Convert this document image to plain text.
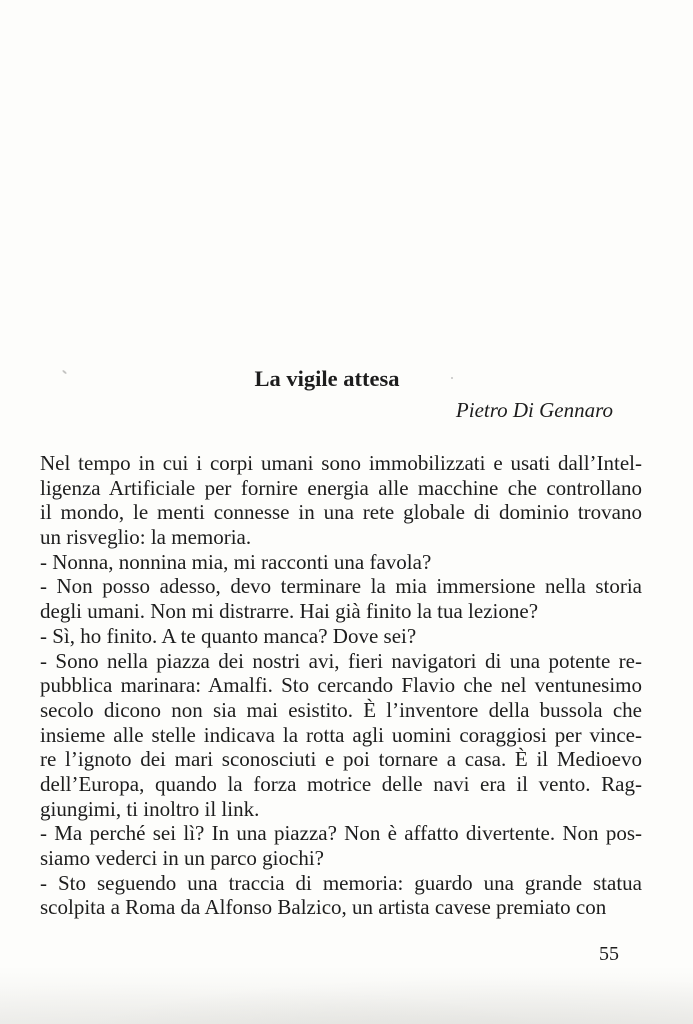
La vigile attesa
Pietro Di Gennaro
Nel tempo in cui i corpi umani sono immobilizzati e usati dall’Intel-
ligenza Artificiale per fornire energia alle macchine che controllano
il mondo, le menti connesse in una rete globale di dominio trovano
un risveglio: la memoria.
- Nonna, nonnina mia, mi racconti una favola?
- Non posso adesso, devo terminare la mia immersione nella storia
degli umani. Non mi distrarre. Hai già finito la tua lezione?
- Sì, ho finito. A te quanto manca? Dove sei?
- Sono nella piazza dei nostri avi, fieri navigatori di una potente re-
pubblica marinara: Amalfi. Sto cercando Flavio che nel ventunesimo
secolo dicono non sia mai esistito. È l’inventore della bussola che
insieme alle stelle indicava la rotta agli uomini coraggiosi per vince-
re l’ignoto dei mari sconosciuti e poi tornare a casa. È il Medioevo
dell’Europa, quando la forza motrice delle navi era il vento. Rag-
giungimi, ti inoltro il link.
- Ma perché sei lì? In una piazza? Non è affatto divertente. Non pos-
siamo vederci in un parco giochi?
- Sto seguendo una traccia di memoria: guardo una grande statua
scolpita a Roma da Alfonso Balzico, un artista cavese premiato con
55
